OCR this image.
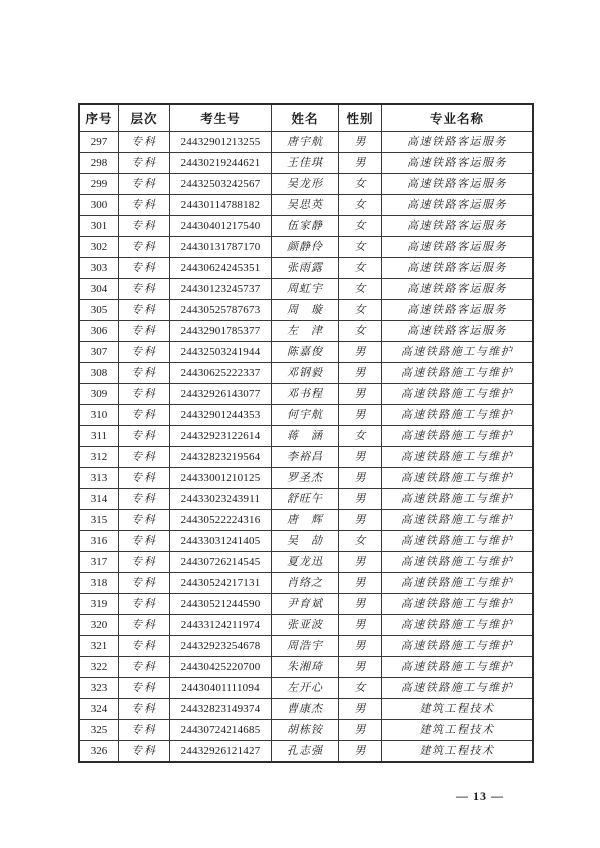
序号	层次	考生号	姓名	性别	专业名称
297	专科	24432901213255	唐宇航	男	高速铁路客运服务
298	专科	24430219244621	王佳琪	男	高速铁路客运服务
299	专科	24432503242567	吴龙形	女	高速铁路客运服务
300	专科	24430114788182	吴思英	女	高速铁路客运服务
301	专科	24430401217540	伍家静	女	高速铁路客运服务
302	专科	24430131787170	颜静伶	女	高速铁路客运服务
303	专科	24430624245351	张雨露	女	高速铁路客运服务
304	专科	24430123245737	周虹宇	女	高速铁路客运服务
305	专科	24430525787673	周　璇	女	高速铁路客运服务
306	专科	24432901785377	左　津	女	高速铁路客运服务
307	专科	24432503241944	陈嘉俊	男	高速铁路施工与维护
308	专科	24430625222337	邓钢毅	男	高速铁路施工与维护
309	专科	24432926143077	邓书程	男	高速铁路施工与维护
310	专科	24432901244353	何宇航	男	高速铁路施工与维护
311	专科	24432923122614	蒋　涵	女	高速铁路施工与维护
312	专科	24432823219564	李裕昌	男	高速铁路施工与维护
313	专科	24433001210125	罗圣杰	男	高速铁路施工与维护
314	专科	24433023243911	舒旺午	男	高速铁路施工与维护
315	专科	24430522224316	唐　辉	男	高速铁路施工与维护
316	专科	24433031241405	吴　劼	女	高速铁路施工与维护
317	专科	24430726214545	夏龙迅	男	高速铁路施工与维护
318	专科	24430524217131	肖络之	男	高速铁路施工与维护
319	专科	24430521244590	尹育斌	男	高速铁路施工与维护
320	专科	24433124211974	张亚波	男	高速铁路施工与维护
321	专科	24432923254678	周浩宇	男	高速铁路施工与维护
322	专科	24430425220700	朱湘琦	男	高速铁路施工与维护
323	专科	24430401111094	左开心	女	高速铁路施工与维护
324	专科	24432823149374	曹康杰	男	建筑工程技术
325	专科	24430724214685	胡栋铵	男	建筑工程技术
326	专科	24432926121427	孔志强	男	建筑工程技术
— 13 —
